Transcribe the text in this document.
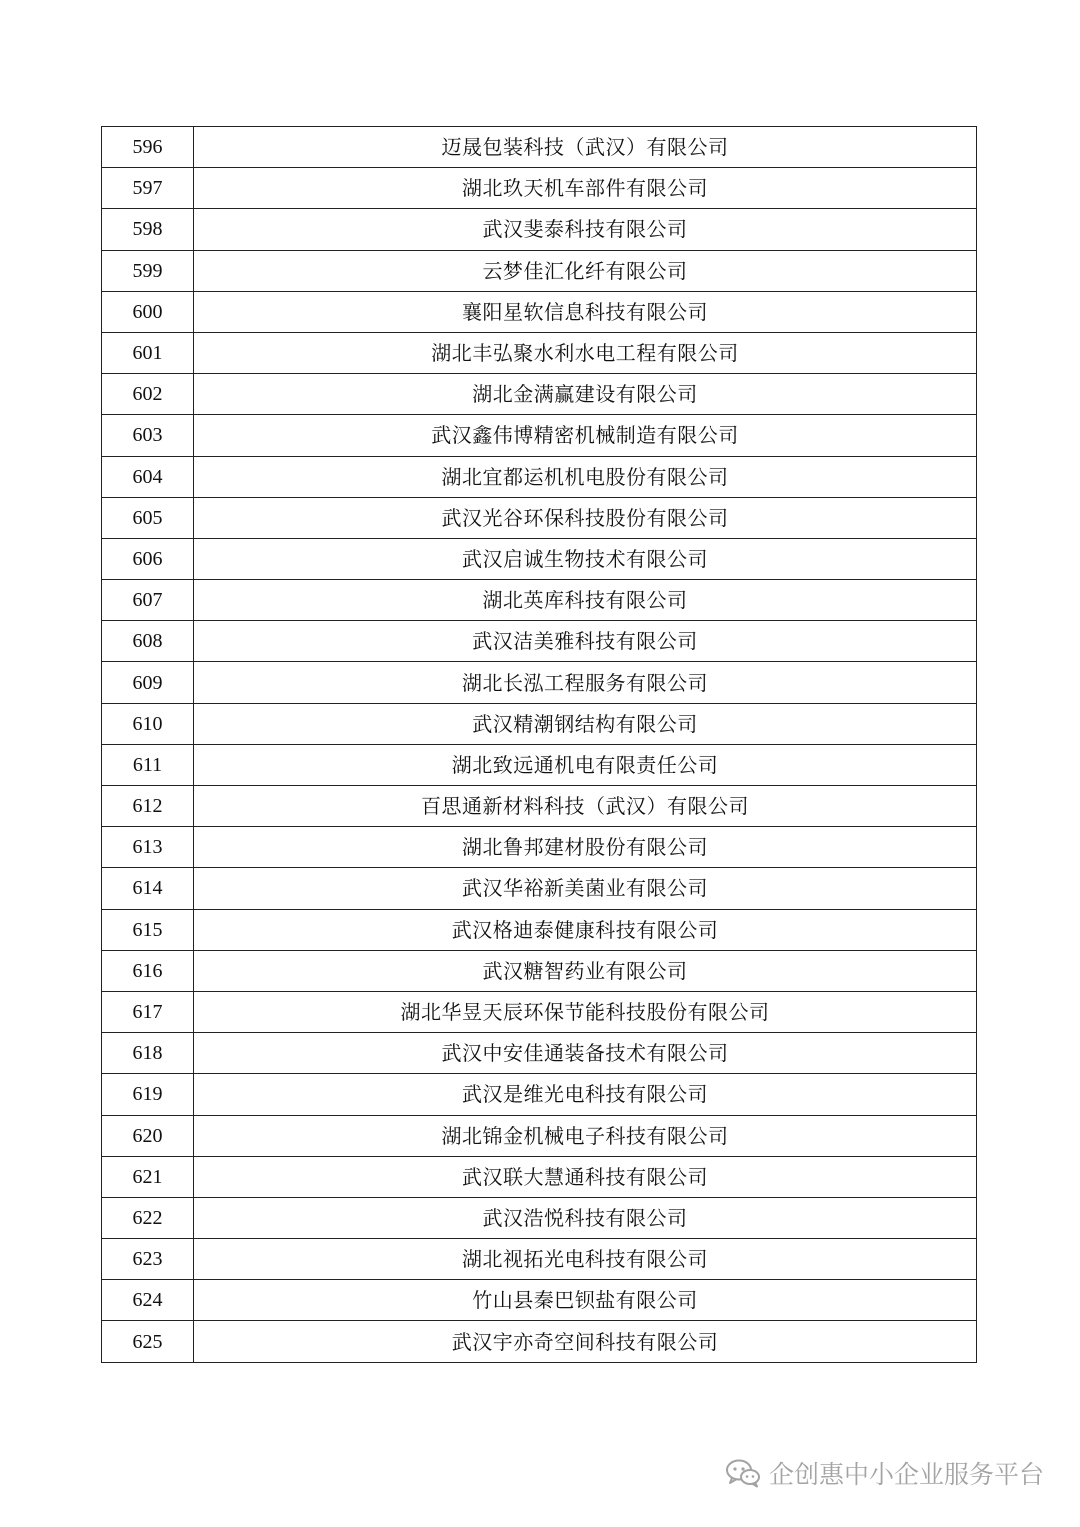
596	迈晟包装科技（武汉）有限公司
597	湖北玖天机车部件有限公司
598	武汉斐泰科技有限公司
599	云梦佳汇化纤有限公司
600	襄阳星软信息科技有限公司
601	湖北丰弘聚水利水电工程有限公司
602	湖北金满赢建设有限公司
603	武汉鑫伟博精密机械制造有限公司
604	湖北宜都运机机电股份有限公司
605	武汉光谷环保科技股份有限公司
606	武汉启诚生物技术有限公司
607	湖北英库科技有限公司
608	武汉洁美雅科技有限公司
609	湖北长泓工程服务有限公司
610	武汉精潮钢结构有限公司
611	湖北致远通机电有限责任公司
612	百思通新材料科技（武汉）有限公司
613	湖北鲁邦建材股份有限公司
614	武汉华裕新美菌业有限公司
615	武汉格迪泰健康科技有限公司
616	武汉糖智药业有限公司
617	湖北华昱天辰环保节能科技股份有限公司
618	武汉中安佳通装备技术有限公司
619	武汉是维光电科技有限公司
620	湖北锦金机械电子科技有限公司
621	武汉联大慧通科技有限公司
622	武汉浩悦科技有限公司
623	湖北视拓光电科技有限公司
624	竹山县秦巴钡盐有限公司
625	武汉宇亦奇空间科技有限公司
企创惠中小企业服务平台
